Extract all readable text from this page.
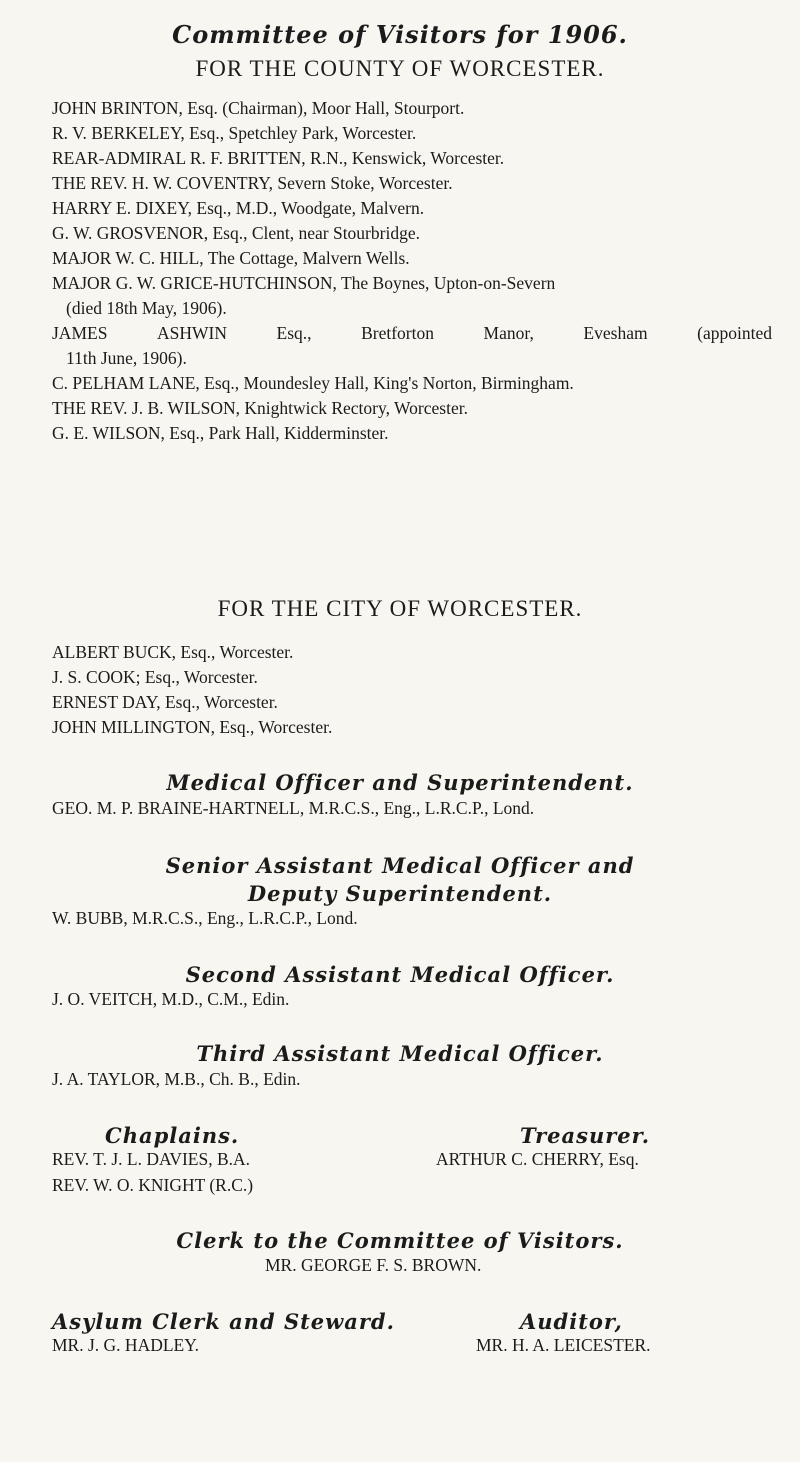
Committee of Visitors for 1906.
FOR THE COUNTY OF WORCESTER.
JOHN BRINTON, Esq. (Chairman), Moor Hall, Stourport.
R. V. BERKELEY, Esq., Spetchley Park, Worcester.
REAR-ADMIRAL R. F. BRITTEN, R.N., Kenswick, Worcester.
THE REV. H. W. COVENTRY, Severn Stoke, Worcester.
HARRY E. DIXEY, Esq., M.D., Woodgate, Malvern.
G. W. GROSVENOR, Esq., Clent, near Stourbridge.
MAJOR W. C. HILL, The Cottage, Malvern Wells.
MAJOR G. W. GRICE-HUTCHINSON, The Boynes, Upton-on-Severn
(died 18th May, 1906).
JAMES	ASHWIN	Esq.,	Bretforton	Manor,	Evesham	(appointed
11th June, 1906).
C. PELHAM LANE, Esq., Moundesley Hall, King's Norton, Birmingham.
THE REV. J. B. WILSON, Knightwick Rectory, Worcester.
G. E. WILSON, Esq., Park Hall, Kidderminster.
FOR THE CITY OF WORCESTER.
ALBERT BUCK, Esq., Worcester.
J. S. COOK; Esq., Worcester.
ERNEST DAY, Esq., Worcester.
JOHN MILLINGTON, Esq., Worcester.
Medical Officer and Superintendent.
GEO. M. P. BRAINE-HARTNELL, M.R.C.S., Eng., L.R.C.P., Lond.
Senior Assistant Medical Officer and
Deputy Superintendent.
W. BUBB, M.R.C.S., Eng., L.R.C.P., Lond.
Second Assistant Medical Officer.
J. O. VEITCH, M.D., C.M., Edin.
Third Assistant Medical Officer.
J. A. TAYLOR, M.B., Ch. B., Edin.
Chaplains.
REV. T. J. L. DAVIES, B.A.
REV. W. O. KNIGHT (R.C.)
Treasurer.
ARTHUR C. CHERRY, Esq.
Clerk to the Committee of Visitors.
MR. GEORGE F. S. BROWN.
Asylum Clerk and Steward.
MR. J. G. HADLEY.
Auditor,
MR. H. A. LEICESTER.
